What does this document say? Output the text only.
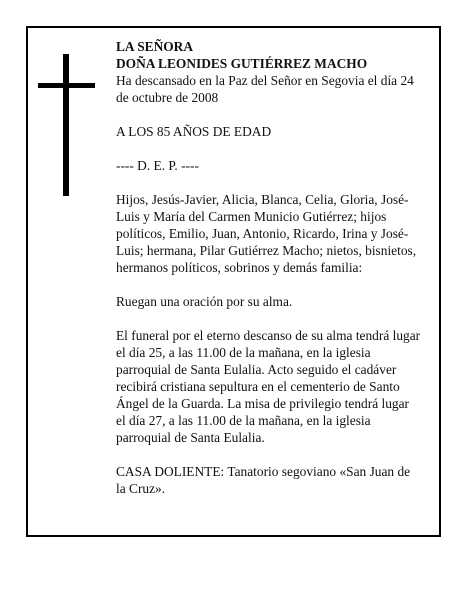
LA SEÑORA

DOÑA LEONIDES GUTIÉRREZ MACHO

Ha descansado en la Paz del Señor en Segovia el día 24 de octubre de 2008

A LOS 85 AÑOS DE EDAD

---- D. E. P. ----

Hijos, Jesús-Javier, Alicia, Blanca, Celia, Gloria, José-Luis y María del Carmen Municio Gutiérrez; hijos políticos, Emilio, Juan, Antonio, Ricardo, Irina y José-Luis; hermana, Pilar Gutiérrez Macho; nietos, bisnietos, hermanos políticos, sobrinos y demás familia:

Ruegan una oración por su alma.

El funeral por el eterno descanso de su alma tendrá lugar el día 25, a las 11.00 de la mañana, en la iglesia parroquial de Santa Eulalia. Acto seguido el cadáver recibirá cristiana sepultura en el cementerio de Santo Ángel de la Guarda. La misa de privilegio tendrá lugar el día 27, a las 11.00 de la mañana, en la iglesia parroquial de Santa Eulalia.

CASA DOLIENTE: Tanatorio segoviano «San Juan de la Cruz».
